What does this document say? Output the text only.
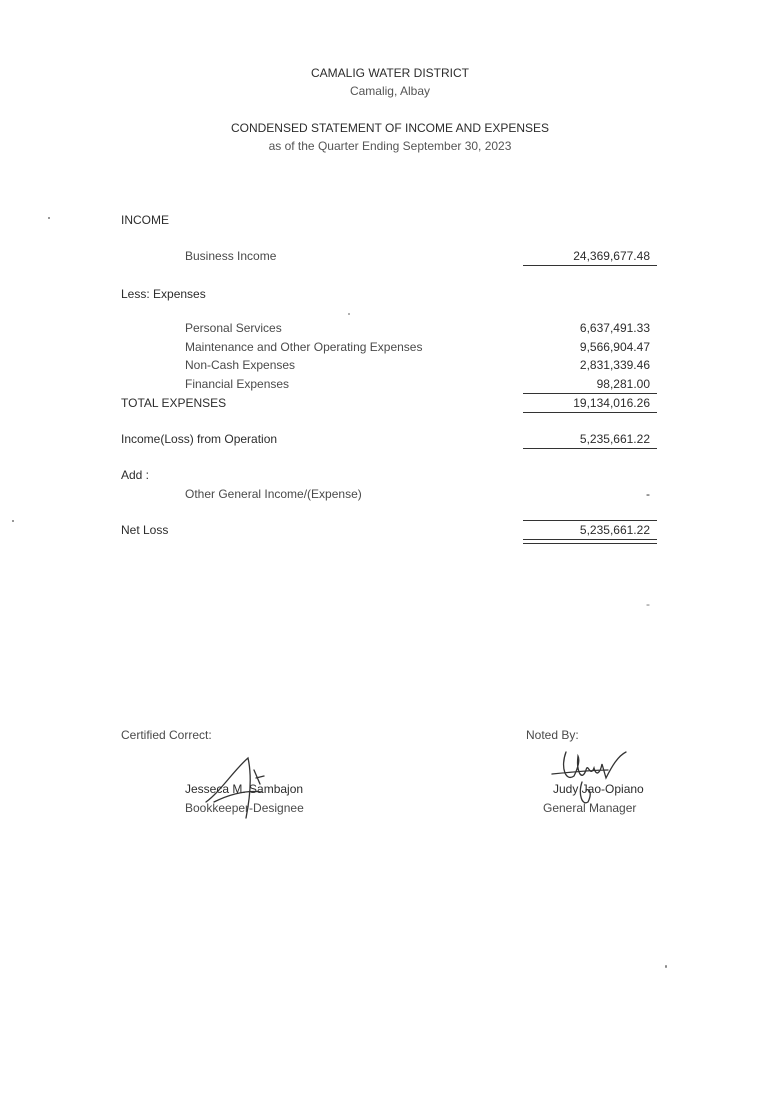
CAMALIG WATER DISTRICT
Camalig, Albay
CONDENSED STATEMENT OF INCOME AND EXPENSES
as of the Quarter Ending September 30, 2023
INCOME
Business Income	24,369,677.48
Less: Expenses
Personal Services	6,637,491.33
Maintenance and Other Operating Expenses	9,566,904.47
Non-Cash Expenses	2,831,339.46
Financial Expenses	98,281.00
TOTAL EXPENSES	19,134,016.26
Income(Loss) from Operation	5,235,661.22
Add :
Other General Income/(Expense)	-
Net Loss	5,235,661.22
-
Certified Correct:	Noted By:
Jesseca M. Sambajon
Bookkeeper-Designee
Judy Jao-Opiano
General Manager
